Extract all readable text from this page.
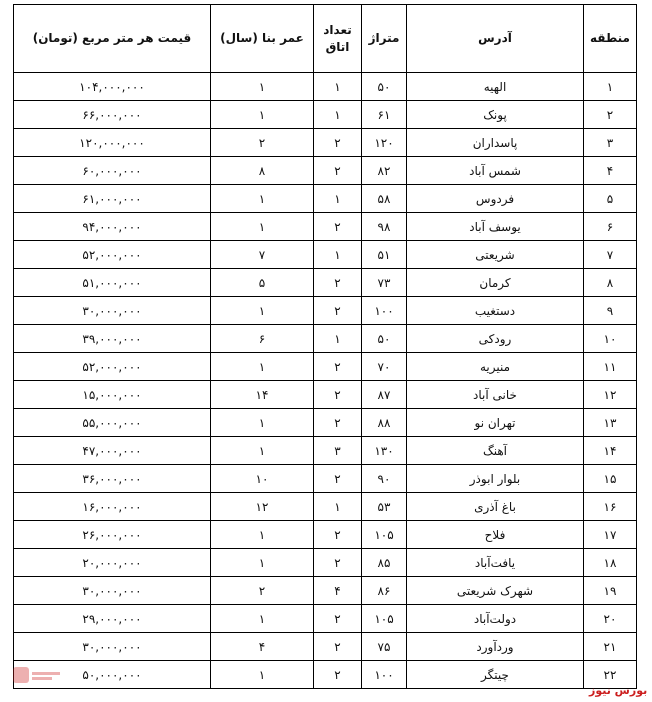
منطقه	آدرس	متراژ	تعداد اتاق	عمر بنا (سال)	قیمت هر متر مربع (تومان)
۱	الهیه	۵۰	۱	۱	۱۰۴,۰۰۰,۰۰۰
۲	پونک	۶۱	۱	۱	۶۶,۰۰۰,۰۰۰
۳	پاسداران	۱۲۰	۲	۲	۱۲۰,۰۰۰,۰۰۰
۴	شمس آباد	۸۲	۲	۸	۶۰,۰۰۰,۰۰۰
۵	فردوس	۵۸	۱	۱	۶۱,۰۰۰,۰۰۰
۶	یوسف آباد	۹۸	۲	۱	۹۴,۰۰۰,۰۰۰
۷	شریعتی	۵۱	۱	۷	۵۲,۰۰۰,۰۰۰
۸	کرمان	۷۳	۲	۵	۵۱,۰۰۰,۰۰۰
۹	دستغیب	۱۰۰	۲	۱	۳۰,۰۰۰,۰۰۰
۱۰	رودکی	۵۰	۱	۶	۳۹,۰۰۰,۰۰۰
۱۱	منیریه	۷۰	۲	۱	۵۲,۰۰۰,۰۰۰
۱۲	خانی آباد	۸۷	۲	۱۴	۱۵,۰۰۰,۰۰۰
۱۳	تهران نو	۸۸	۲	۱	۵۵,۰۰۰,۰۰۰
۱۴	آهنگ	۱۳۰	۳	۱	۴۷,۰۰۰,۰۰۰
۱۵	بلوار ابوذر	۹۰	۲	۱۰	۳۶,۰۰۰,۰۰۰
۱۶	باغ آذری	۵۳	۱	۱۲	۱۶,۰۰۰,۰۰۰
۱۷	فلاح	۱۰۵	۲	۱	۲۶,۰۰۰,۰۰۰
۱۸	یافت‌آباد	۸۵	۲	۱	۲۰,۰۰۰,۰۰۰
۱۹	شهرک شریعتی	۸۶	۴	۲	۳۰,۰۰۰,۰۰۰
۲۰	دولت‌آباد	۱۰۵	۲	۱	۲۹,۰۰۰,۰۰۰
۲۱	وردآورد	۷۵	۲	۴	۳۰,۰۰۰,۰۰۰
۲۲	چیتگر	۱۰۰	۲	۱	۵۰,۰۰۰,۰۰۰
بورس نیوز
